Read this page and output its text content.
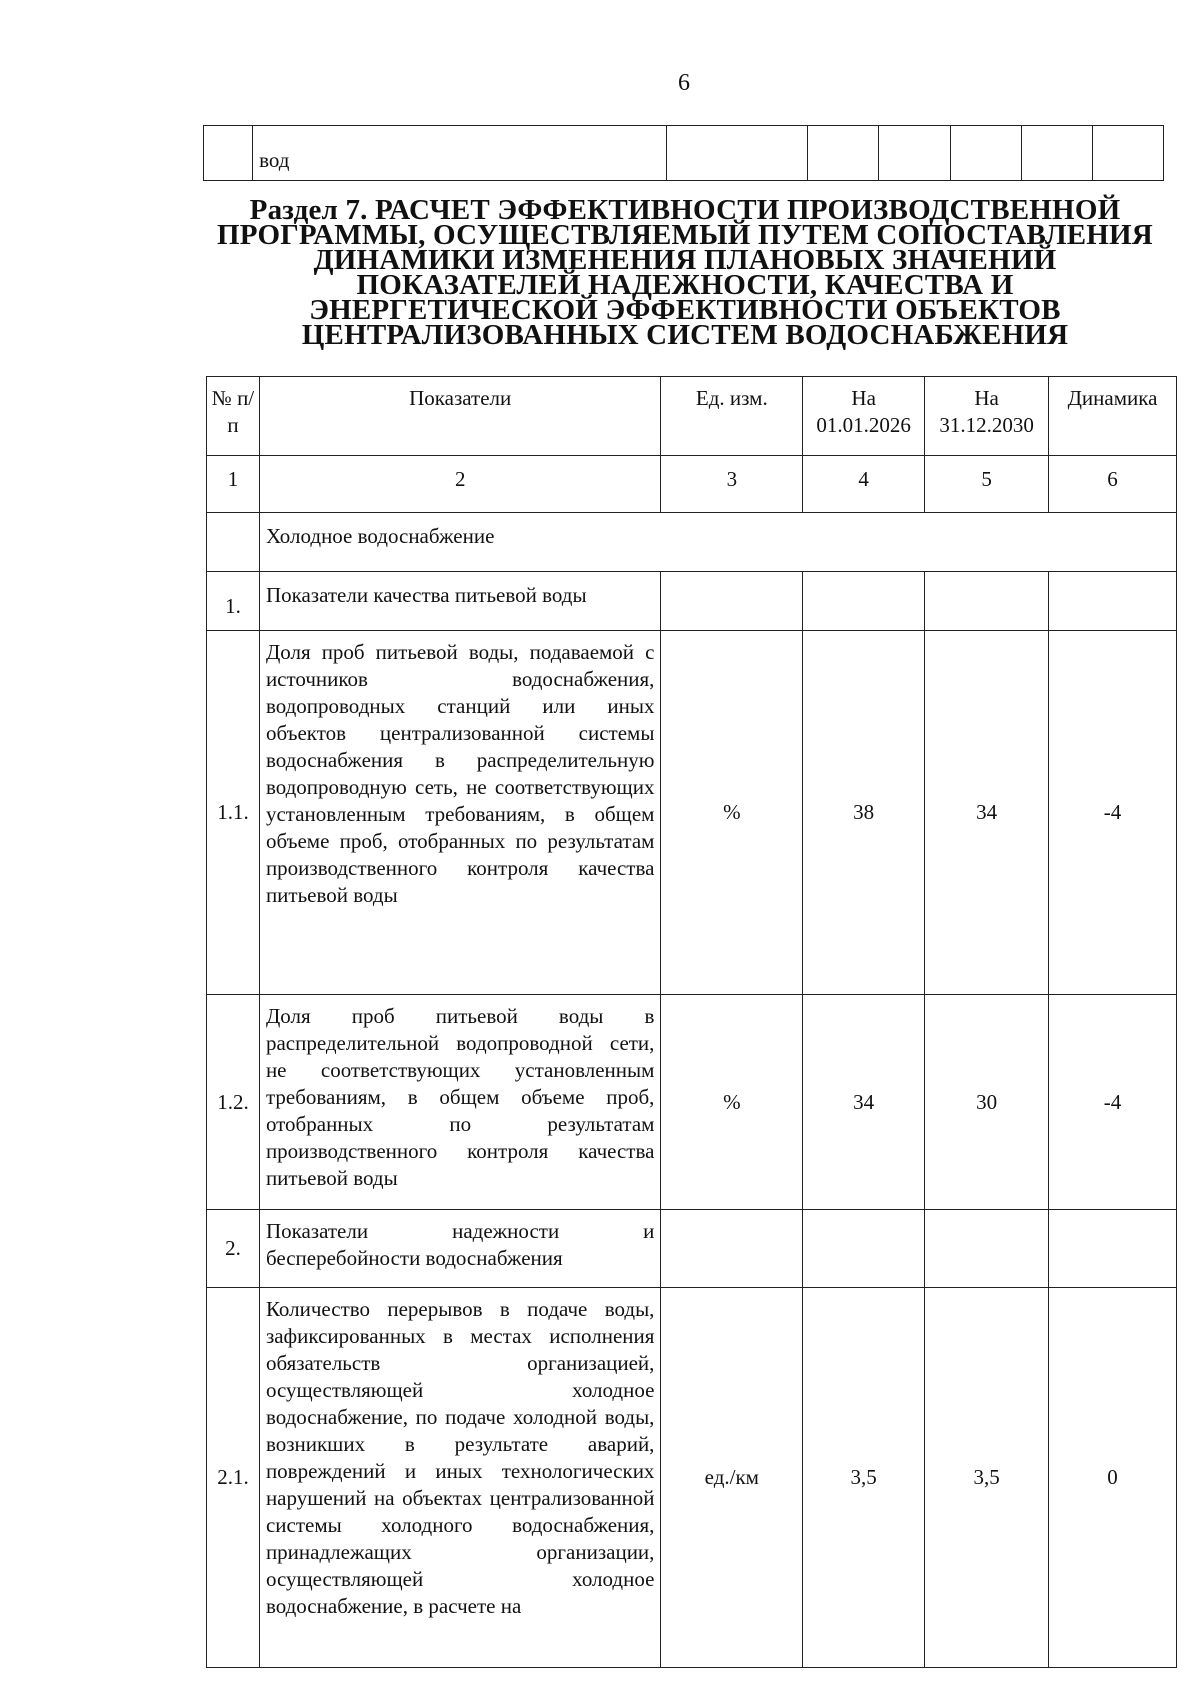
6
	вод						
Раздел 7. РАСЧЕТ ЭФФЕКТИВНОСТИ ПРОИЗВОДСТВЕННОЙ ПРОГРАММЫ, ОСУЩЕСТВЛЯЕМЫЙ ПУТЕМ СОПОСТАВЛЕНИЯ ДИНАМИКИ ИЗМЕНЕНИЯ ПЛАНОВЫХ ЗНАЧЕНИЙ ПОКАЗАТЕЛЕЙ НАДЕЖНОСТИ, КАЧЕСТВА И ЭНЕРГЕТИЧЕСКОЙ ЭФФЕКТИВНОСТИ ОБЪЕКТОВ ЦЕНТРАЛИЗОВАННЫХ СИСТЕМ ВОДОСНАБЖЕНИЯ
№ п/п	Показатели	Ед. изм.	На 01.01.2026	На 31.12.2030	Динамика
1	2	3	4	5	6
	Холодное водоснабжение				
1.	Показатели качества питьевой воды				
1.1.	Доля проб питьевой воды, подаваемой с источников водоснабжения, водопроводных станций или иных объектов централизованной системы водоснабжения в распределительную водопроводную сеть, не соответствующих установленным требованиям, в общем объеме проб, отобранных по результатам производственного контроля качества питьевой воды	%	38	34	-4
1.2.	Доля проб питьевой воды в распределительной водопроводной сети, не соответствующих установленным требованиям, в общем объеме проб, отобранных по результатам производственного контроля качества питьевой воды	%	34	30	-4
2.	Показатели надежности и бесперебойности водоснабжения				
2.1.	Количество перерывов в подаче воды, зафиксированных в местах исполнения обязательств организацией, осуществляющей холодное водоснабжение, по подаче холодной воды, возникших в результате аварий, повреждений и иных технологических нарушений на объектах централизованной системы холодного водоснабжения, принадлежащих организации, осуществляющей холодное водоснабжение, в расчете на	ед./км	3,5	3,5	0
